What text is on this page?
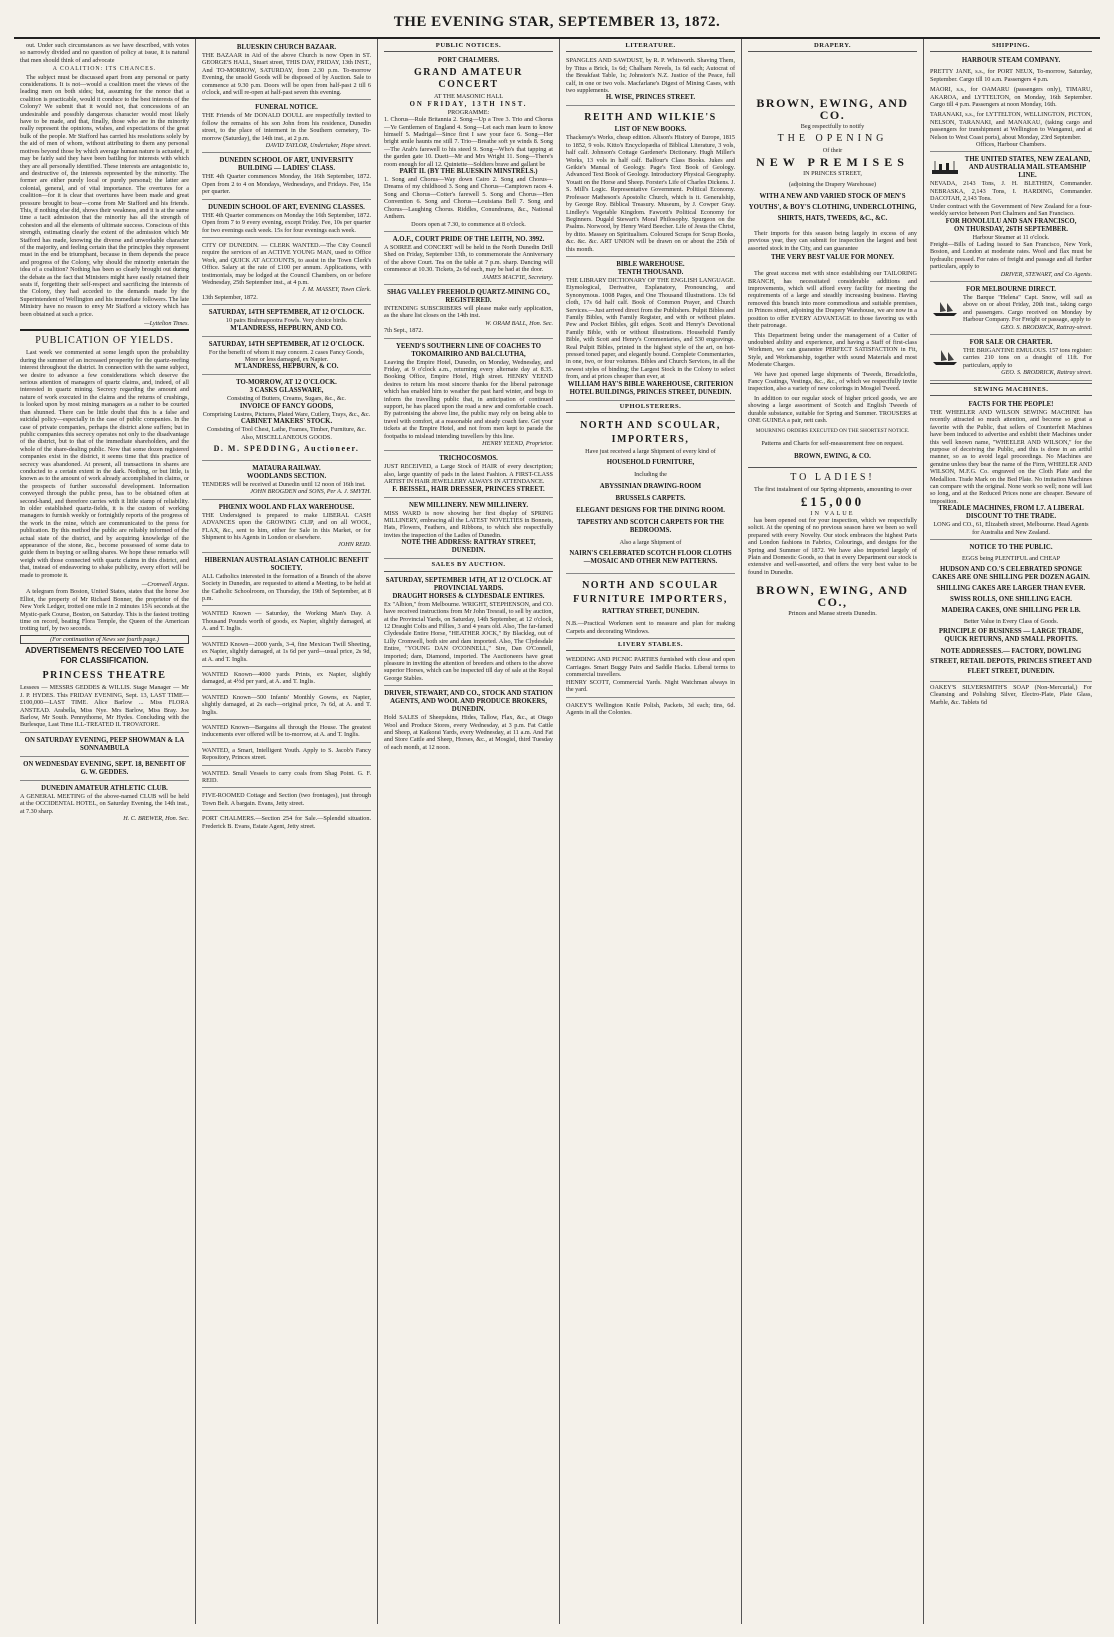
THE EVENING STAR, SEPTEMBER 13, 1872.

out. Under such circumstances as we have described, with votes so narrowly divided and no question of policy at issue, it is natural that men should think of and advocate

A COALITION: ITS CHANCES.

The subject must be discussed apart from any personal or party considerations. It is not—would a coalition meet the views of the leading men on both sides; but, assuming for the nonce that a coalition is practicable, would it conduce to the best interests of the Colony? We submit that it would not, that concessions of an undesirable and possibly dangerous character would most likely have to be made, and that, finally, those who are in the minority really represent the opinions, wishes, and expectations of the great bulk of the people. Mr Stafford has carried his resolutions solely by the aid of men of whom, without attributing to them any personal motives beyond those by which average human nature is actuated, it may be fairly said they have been battling for interests with which they are all personally identified. These interests are antagonistic to, and destructive of, the interests represented by the minority. The former are either purely local or purely personal; the latter are colonial, general, and of vital importance. The overtures for a coalition—for it is clear that overtures have been made and great pressure brought to bear—come from Mr Stafford and his friends. This, if nothing else did, shows their weakness, and it is at the same time a tacit admission that the minority has all the strength of cohesion and all the elements of ultimate success. Conscious of this strength, estimating clearly the extent of the admission which Mr Stafford has made, knowing the diverse and unworkable character of the majority, and feeling certain that the principles they represent must in the end be triumphant, because in them depends the peace and progress of the Colony, why should the minority entertain the idea of a coalition? Nothing has been so clearly brought out during the debate as the fact that Ministers might have easily retained their seats if, forgetting their self-respect and sacrificing the interests of the Colony, they had acceded to the demands made by the Superintendent of Wellington and his immediate followers. The late Ministry have no reason to envy Mr Stafford a victory which has been obtained at such a price.

—Lyttelton Times.
PUBLICATION OF YIELDS.

Last week we commented at some length upon the probability during the summer of an increased prosperity for the quartz-reefing interest throughout the district. In connection with the same subject, we desire to advance a few considerations which deserve the serious attention of managers of quartz claims, and, indeed, of all interested in quartz mining. Secrecy regarding the amount and nature of work executed in the claims and the returns of crushings, is looked upon by most mining managers as a rather to be courted than shunned. There can be little doubt that this is a false and suicidal policy—especially in the case of public companies. In the case of private companies, perhaps the district alone suffers; but in public companies this secrecy operates not only to the disadvantage of the district, but to that of the immediate shareholders, and the whole of the share-dealing public. Now that some dozen registered companies exist in the district, it seems time that this practice of secrecy was abandoned. At present, all transactions in shares are conducted to a certain extent in the dark. Nothing, or but little, is known as to the amount of work already accomplished in claims, or the prospects of further successful development. Information conveyed through the public press, has to be obtained often at second-hand, and therefore carries with it little stamp of reliability. In older established quartz-fields, it is the custom of working managers to furnish weekly or fortnightly reports of the progress of the work in the mine, which are communicated to the press for publication. By this method the public are reliably informed of the actual state of the district, and by acquiring knowledge of the appearance of the stone, &c., become possessed of some data to guide them in buying or selling shares. We hope these remarks will weigh with those connected with quartz claims in this district, and that, instead of endeavoring to shake publicity, every effort will be made to promote it.

—Cromwell Argus.

A telegram from Boston, United States, states that the horse Joe Elliot, the property of Mr Richard Bonner, the proprietor of the New York Ledger, trotted one mile in 2 minutes 15¾ seconds at the Mystic-park Course, Boston, on Saturday. This is the fastest trotting time on record, beating Flora Temple, the Queen of the American trotting turf, by two seconds.

(For continuation of News see fourth page.)
ADVERTISEMENTS RECEIVED TOO LATE FOR CLASSIFICATION.
PRINCESS THEATRE
Lessees — MESSRS GEDDES & WILLIS. Stage Manager — Mr J. P. HYDES. This FRIDAY EVENING, Sept. 13, LAST TIME—£100,000—LAST TIME. Alice Barlow ... Miss FLORA ANSTEAD. Arabella, Miss Nye. Mrs Barlow, Miss Bray. Joe Barlow, Mr South. Pennythorne, Mr Hydes. Concluding with the Burlesque, Last Time ILL-TREATED IL TROVATORE.
ON SATURDAY EVENING, PEEP SHOWMAN & LA SONNAMBULA
ON WEDNESDAY EVENING, SEPT. 18, BENEFIT OF G. W. GEDDES.
DUNEDIN AMATEUR ATHLETIC CLUB.
A GENERAL MEETING of the above-named CLUB will be held at the OCCIDENTAL HOTEL, on Saturday Evening, the 14th inst., at 7.30 sharp.
H. C. BREWER, Hon. Sec.
BLUESKIN CHURCH BAZAAR.
THE BAZAAR in Aid of the above Church is now Open in ST. GEORGE'S HALL, Stuart street, THIS DAY, FRIDAY, 13th INST., And TO-MORROW, SATURDAY, from 2.30 p.m. To-morrow Evening, the unsold Goods will be disposed of by Auction. Sale to commence at 9.30 p.m. Doors will be open from half-past 2 till 6 o'clock, and will re-open at half-past seven this evening.
FUNERAL NOTICE.
THE Friends of Mr DONALD DOULL are respectfully invited to follow the remains of his son John from his residence, Dunedin street, to the place of interment in the Southern cemetery, To-morrow (Saturday), the 14th inst., at 2 p.m.
DAVID TAYLOR, Undertaker, Hope street.
DUNEDIN SCHOOL OF ART, UNIVERSITY BUILDING — LADIES' CLASS.
THE 4th Quarter commences Monday, the 16th September, 1872. Open from 2 to 4 on Mondays, Wednesdays, and Fridays. Fee, 15s per quarter.
DUNEDIN SCHOOL OF ART, EVENING CLASSES.
THE 4th Quarter commences on Monday the 16th September, 1872. Open from 7 to 9 every evening, except Friday. Fee, 10s per quarter for two evenings each week. 15s for four evenings each week.
CITY OF DUNEDIN. — CLERK WANTED.—The City Council require the services of an ACTIVE YOUNG MAN, used to Office Work, and QUICK AT ACCOUNTS, to assist in the Town Clerk's Office. Salary at the rate of £100 per annum. Applications, with testimonials, may be lodged at the Council Chambers, on or before Wednesday, 25th September inst., at 4 p.m.
J. M. MASSEY, Town Clerk.
13th September, 1872.
SATURDAY, 14TH SEPTEMBER, AT 12 O'CLOCK.
10 pairs Brahmapootra Fowls. Very choice birds.
M'LANDRESS, HEPBURN, AND CO.
SATURDAY, 14TH SEPTEMBER, AT 12 O'CLOCK.
For the benefit of whom it may concern. 2 cases Fancy Goods, More or less damaged, ex Napier.
M'LANDRESS, HEPBURN, & CO.
TO-MORROW, AT 12 O'CLOCK.
3 CASKS GLASSWARE,
Consisting of Butters, Creams, Sugars, &c., &c.
INVOICE OF FANCY GOODS,
Comprising Lustres, Pictures, Plated Ware, Cutlery, Trays, &c., &c.
CABINET MAKERS' STOCK.
Consisting of Tool Chest, Lathe, Frames, Timber, Furniture, &c. Also, MISCELLANEOUS GOODS.
D. M. SPEDDING, Auctioneer.
MATAURA RAILWAY.
WOODLANDS SECTION.
TENDERS will be received at Dunedin until 12 noon of 16th inst.
JOHN BROGDEN and SONS, Per A. J. SMYTH.
PHŒNIX WOOL AND FLAX WAREHOUSE.
THE Undersigned is prepared to make LIBERAL CASH ADVANCES upon the GROWING CLIP, and on all WOOL, FLAX, &c., sent to him, either for Sale in this Market, or for Shipment to his Agents in London or elsewhere.
JOHN REID.
HIBERNIAN AUSTRALASIAN CATHOLIC BENEFIT SOCIETY.
ALL Catholics interested in the formation of a Branch of the above Society in Dunedin, are requested to attend a Meeting, to be held at the Catholic Schoolroom, on Thursday, the 19th of September, at 8 p.m.
WANTED Known — Saturday, the Working Man's Day. A Thousand Pounds worth of goods, ex Napier, slightly damaged, at A. and T. Inglis.
WANTED Known—2000 yards, 3-4, fine Mexican Twill Sheeting, ex Napier, slightly damaged, at 1s 6d per yard—usual price, 2s 9d, at A. and T. Inglis.
WANTED Known—4000 yards Prints, ex Napier, slightly damaged, at 4½d per yard, at A. and T. Inglis.
WANTED Known—500 Infants' Monthly Gowns, ex Napier, slightly damaged, at 2s each—original price, 7s 6d, at A. and T. Inglis.
WANTED Known—Bargains all through the House. The greatest inducements ever offered will be to-morrow, at A. and T. Inglis.
WANTED, a Smart, Intelligent Youth. Apply to S. Jacob's Fancy Repository, Princes street.
WANTED. Small Vessels to carry coals from Shag Point. G. F. REID.
FIVE-ROOMED Cottage and Section (two frontages), just through Town Belt. A bargain. Evans, Jetty street.
PORT CHALMERS.—Section 254 for Sale.—Splendid situation. Frederick B. Evans, Estate Agent, Jetty street.
PUBLIC NOTICES.
PORT CHALMERS.
GRAND AMATEUR CONCERT
AT THE MASONIC HALL
ON FRIDAY, 13TH INST.
PROGRAMME:
1. Chorus—Rule Britannia 2. Song—Up a Tree 3. Trio and Chorus—Ye Gentlemen of England 4. Song—Let each man learn to know himself 5. Madrigal—Since first I saw your face 6. Song—Her bright smile haunts me still 7. Trio—Breathe soft ye winds 8. Song—The Arab's farewell to his steed 9. Song—Who's that tapping at the garden gate 10. Duett—Mr and Mrs Wright 11. Song—There's room enough for all 12. Quintette—Soldiers brave and gallant be
PART II. (BY THE BLUESKIN MINSTRELS.)
1. Song and Chorus—Way down Cairo 2. Song and Chorus—Dreams of my childhood 3. Song and Chorus—Camptown races 4. Song and Chorus—Cotter's farewell 5. Song and Chorus—Hen Convention 6. Song and Chorus—Louisiana Bell 7. Song and Chorus—Laughing Chorus. Riddles, Conundrums, &c., National Anthem.
Doors open at 7.30, to commence at 8 o'clock.
A.O.F., COURT PRIDE OF THE LEITH, NO. 3992.
A SOIREE and CONCERT will be held in the North Dunedin Drill Shed on Friday, September 13th, to commemorate the Anniversary of the above Court. Tea on the table at 7 p.m. sharp. Dancing will commence at 10.30. Tickets, 2s 6d each, may be had at the door.
JAMES MACFIE, Secretary.
SHAG VALLEY FREEHOLD QUARTZ-MINING CO., REGISTERED.
INTENDING SUBSCRIBERS will please make early application, as the share list closes on the 14th inst.
W. ORAM BALL, Hon. Sec.
7th Sept., 1872.
YEEND'S SOUTHERN LINE OF COACHES TO TOKOMAIRIRO AND BALCLUTHA,
Leaving the Empire Hotel, Dunedin, on Monday, Wednesday, and Friday, at 9 o'clock a.m., returning every alternate day at 8.35. Booking Office, Empire Hotel, High street. HENRY YEEND desires to return his most sincere thanks for the liberal patronage which has enabled him to weather the past hard winter, and begs to inform the travelling public that, in anticipation of continued support, he has placed upon the road a new and comfortable coach. By patronising the above line, the public may rely on being able to travel with comfort, at a reasonable and steady coach fare. Get your tickets at the Empire Hotel, and not from men kept to parade the footpaths to mislead intending travellers by this line.
HENRY YEEND, Proprietor.
TRICHOCOSMOS.
JUST RECEIVED, a Large Stock of HAIR of every description; also, large quantity of pads in the latest Fashion. A FIRST-CLASS ARTIST IN HAIR JEWELLERY ALWAYS IN ATTENDANCE.
F. BEISSEL, HAIR DRESSER, PRINCES STREET.
NEW MILLINERY. NEW MILLINERY.
MISS WARD is now showing her first display of SPRING MILLINERY, embracing all the LATEST NOVELTIES in Bonnets, Hats, Flowers, Feathers, and Ribbons, to which she respectfully invites the inspection of the Ladies of Dunedin.
NOTE THE ADDRESS: RATTRAY STREET, DUNEDIN.
SALES BY AUCTION.
SATURDAY, SEPTEMBER 14TH, AT 12 O'CLOCK. AT PROVINCIAL YARDS.
DRAUGHT HORSES & CLYDESDALE ENTIRES.
Ex "Albion," from Melbourne. WRIGHT, STEPHENSON, and CO. have received instructions from Mr John Tresrail, to sell by auction, at the Provincial Yards, on Saturday, 14th September, at 12 o'clock, 12 Draught Colts and Fillies, 3 and 4 years old. Also, The far-famed Clydesdale Entire Horse, "HEATHER JOCK," By Blackleg, out of Lilly Cromwell, both sire and dam imported. Also, The Clydesdale Entire, "YOUNG DAN O'CONNELL," Sire, Dan O'Connell, imported; dam, Diamond, imported. The Auctioneers have great pleasure in inviting the attention of breeders and others to the above superior Horses, which can be inspected till day of sale at the Royal George Stables.
DRIVER, STEWART, AND CO., STOCK AND STATION AGENTS, AND WOOL AND PRODUCE BROKERS, DUNEDIN.
Hold SALES of Sheepskins, Hides, Tallow, Flax, &c., at Otago Wool and Produce Stores, every Wednesday, at 3 p.m. Fat Cattle and Sheep, at Kaikorai Yards, every Wednesday, at 11 a.m. And Fat and Store Cattle and Sheep, Horses, &c., at Mosgiel, third Tuesday of each month, at 12 noon.
LITERATURE.
SPANGLES AND SAWDUST, by R. P. Whitworth. Shaving Them, by Titus a Brick, 1s 6d; Chalham Novels, 1s 6d each; Autocrat of the Breakfast Table, 1s; Johnston's N.Z. Justice of the Peace, full calf, in one or two vols. Macfarlane's Digest of Mining Cases, with two supplements.
H. WISE, PRINCES STREET.
REITH AND WILKIE'S
LIST OF NEW BOOKS.
Thackeray's Works, cheap edition. Alison's History of Europe, 1815 to 1852, 9 vols. Kitto's Encyclopædia of Biblical Literature, 3 vols, half calf. Johnson's Cottage Gardener's Dictionary. Hugh Miller's Works, 13 vols in half calf. Balfour's Class Books. Jukes and Geikie's Manual of Geology. Page's Text Book of Geology. Advanced Text Book of Geology. Introductory Physical Geography. Youatt on the Horse and Sheep. Forster's Life of Charles Dickens. J. S. Mill's Logic. Representative Government. Political Economy. Professor Matheson's Apostolic Church, which is it. Generalship, by George Roy. Biblical Treasury. Museum, by J. Cowper Gray. Lindley's Vegetable Kingdom. Fawcett's Political Economy for Beginners. Dugald Stewart's Moral Philosophy. Spurgeon on the Psalms. Norwood, by Henry Ward Beecher. Life of Jesus the Christ, by ditto. Massey on Spiritualism. Coloured Scraps for Scrap Books, &c. &c. &c. ART UNION will be drawn on or about the 25th of this month.
BIBLE WAREHOUSE.
TENTH THOUSAND.
THE LIBRARY DICTIONARY OF THE ENGLISH LANGUAGE. Etymological, Derivative, Explanatory, Pronouncing, and Synonymous. 1008 Pages, and One Thousand Illustrations. 13s 6d cloth, 17s 6d half calf. Book of Common Prayer, and Church Services.—Just arrived direct from the Publishers. Pulpit Bibles and Family Bibles, with Family Register, and with or without plates. Pew and Pocket Bibles, gilt edges. Scott and Henry's Devotional Family Bible, with or without illustrations. Household Family Bible, with Scott and Henry's Commentaries, and 530 engravings. Real Pulpit Bibles, printed in the highest style of the art, on hot-pressed toned paper, and elegantly bound. Complete Commentaries, in one, two, or four volumes. Bibles and Church Services, in all the newest styles of binding; the Largest Stock in the Colony to select from, and at prices cheaper than ever, at
WILLIAM HAY'S BIBLE WAREHOUSE, CRITERION HOTEL BUILDINGS, PRINCES STREET, DUNEDIN.
UPHOLSTERERS.
NORTH AND SCOULAR,
IMPORTERS,
Have just received a large Shipment of every kind of
HOUSEHOLD FURNITURE,
Including the
ABYSSINIAN DRAWING-ROOM
BRUSSELS CARPETS.
ELEGANT DESIGNS FOR THE DINING ROOM.
TAPESTRY AND SCOTCH CARPETS FOR THE BEDROOMS.
Also a large Shipment of
NAIRN'S CELEBRATED SCOTCH FLOOR CLOTHS—MOSAIC AND OTHER NEW PATTERNS.
NORTH AND SCOULAR
FURNITURE IMPORTERS,
RATTRAY STREET, DUNEDIN.
N.B.—Practical Workmen sent to measure and plan for making Carpets and decorating Windows.
LIVERY STABLES.
WEDDING AND PICNIC PARTIES furnished with close and open Carriages. Smart Buggy Pairs and Saddle Hacks. Liberal terms to commercial travellers.
HENRY SCOTT, Commercial Yards. Night Watchman always in the yard.
OAKEY'S Wellington Knife Polish, Packets, 3d each; tins, 6d. Agents in all the Colonies.
DRAPERY.
BROWN, EWING, AND CO.
Beg respectfully to notify
THE OPENING
Of their
NEW PREMISES
IN PRINCES STREET,
(adjoining the Drapery Warehouse)
WITH A NEW AND VARIED STOCK OF MEN'S YOUTHS', & BOY'S CLOTHING, UNDERCLOTHING, SHIRTS, HATS, TWEEDS, &C., &C.

Their imports for this season being largely in excess of any previous year, they can submit for inspection the largest and best assorted stock in the City, and can guarantee

THE VERY BEST VALUE FOR MONEY.

The great success met with since establishing our TAILORING BRANCH, has necessitated considerable additions and improvements, which will afford every facility for meeting the requirements of a large and steadily increasing business. Having removed this branch into more commodious and suitable premises, in Princes street, adjoining the Drapery Warehouse, we are now in a position to offer EVERY ADVANTAGE to those favoring us with their patronage.

This Department being under the management of a Cutter of undoubted ability and experience, and having a Staff of first-class Workmen, we can guarantee PERFECT SATISFACTION in Fit, Style, and Workmanship, together with sound Materials and most Moderate Charges.

We have just opened large shipments of Tweeds, Broadcloths, Fancy Coatings, Vestings, &c., &c., of which we respectfully invite inspection, also a variety of new colorings in Mosgiel Tweed.

In addition to our regular stock of higher priced goods, we are showing a large assortment of Scotch and English Tweeds of durable substance, suitable for Spring and Summer. TROUSERS at ONE GUINEA a pair, nett cash.

MOURNING ORDERS EXECUTED ON THE SHORTEST NOTICE.
Patterns and Charts for self-measurement free on request.
BROWN, EWING, & CO.
TO LADIES!

The first instalment of our Spring shipments, amounting to over

£15,000
IN VALUE

has been opened out for your inspection, which we respectfully solicit. At the opening of no previous season have we been so well prepared with every Novelty. Our stock embraces the highest Paris and London fashions in Fabrics, Colourings, and designs for the Spring and Summer of 1872. We have also imported largely of Plain and Domestic Goods, so that in every Department our stock is extensive and well-assorted, and offers the very best value to be found in Dunedin.

BROWN, EWING, AND CO.,
Princes and Manse streets Dunedin.
SHIPPING.
HARBOUR STEAM COMPANY.
PRETTY JANE, s.s., for PORT NEUX, To-morrow, Saturday, September. Cargo till 10 a.m. Passengers 4 p.m.
MAORI, s.s., for OAMARU (passengers only), TIMARU, AKAROA, and LYTTELTON, on Monday, 16th September. Cargo till 4 p.m. Passengers at noon Monday, 16th.
TARANAKI, s.s., for LYTTELTON, WELLINGTON, PICTON, NELSON, TARANAKI, and MANAKAU, (taking cargo and passengers for transhipment at Wellington to Wanganui, and at Nelson to West Coast ports), about Monday, 23rd September.
Offices, Harbour Chambers.
THE UNITED STATES, NEW ZEALAND, AND AUSTRALIA MAIL STEAMSHIP LINE.
NEVADA, 2143 Tons, J. H. BLETHEN, Commander. NEBRASKA, 2,143 Tons, I. HARDING, Commander. DACOTAH, 2,143 Tons.
Under contract with the Government of New Zealand for a four-weekly service between Port Chalmers and San Francisco.
FOR HONOLULU AND SAN FRANCISCO,
ON THURSDAY, 26TH SEPTEMBER.
Harbour Steamer at 11 o'clock.
Freight—Bills of Lading issued to San Francisco, New York, Boston, and London at moderate rates. Wool and flax must be hydraulic pressed. For rates of freight and passage and all further particulars, apply to
DRIVER, STEWART, and Co Agents.
FOR MELBOURNE DIRECT.
The Barque "Helena" Capt. Snow, will sail as above on or about Friday, 20th inst., taking cargo and passengers. Cargo received on Monday by Harbour Company. For Freight or passage, apply to
GEO. S. BRODRICK, Rattray-street.
FOR SALE OR CHARTER.
THE BRIGANTINE EMULOUS. 157 tons register: carries 210 tons on a draught of 11ft. For particulars, apply to
GEO. S. BRODRICK, Rattray street.
SEWING MACHINES.
FACTS FOR THE PEOPLE!
THE WHEELER AND WILSON SEWING MACHINE has recently attracted so much attention, and become so great a favorite with the Public, that sellers of Counterfeit Machines have been induced to advertise and exhibit their Machines under this well known name, "WHEELER AND WILSON," for the purpose of deceiving the Public, and this is done in an artful manner, so as to avoid legal proceedings. No Machines are genuine unless they bear the name of the Firm, WHEELER AND WILSON, M.F.G. Co. engraved on the Cloth Plate and the Medallion. Trade Mark on the Bed Plate. No imitation Machines can compare with the original. None work so well; none will last so long, and at the Reduced Prices none are cheaper. Beware of imposition.
TREADLE MACHINES, FROM L7. A LIBERAL DISCOUNT TO THE TRADE.
LONG and CO., 61, Elizabeth street, Melbourne. Head Agents for Australia and New Zealand.
NOTICE TO THE PUBLIC.
EGGS being PLENTIFUL and CHEAP
HUDSON AND CO.'S CELEBRATED SPONGE CAKES ARE ONE SHILLING PER DOZEN AGAIN.
SHILLING CAKES ARE LARGER THAN EVER.
SWISS ROLLS, ONE SHILLING EACH.
MADEIRA CAKES, ONE SHILLING PER LB.
Better Value in Every Class of Goods.
PRINCIPLE OF BUSINESS — LARGE TRADE, QUICK RETURNS, AND SMALL PROFITS.
NOTE ADDRESSES.— FACTORY, DOWLING STREET, RETAIL DEPOTS, PRINCES STREET AND FLEET STREET, DUNEDIN.
OAKEY'S SILVERSMITH'S SOAP (Non-Mercurial,) For Cleansing and Polishing Silver, Electro-Plate, Plate Glass, Marble, &c. Tablets 6d
